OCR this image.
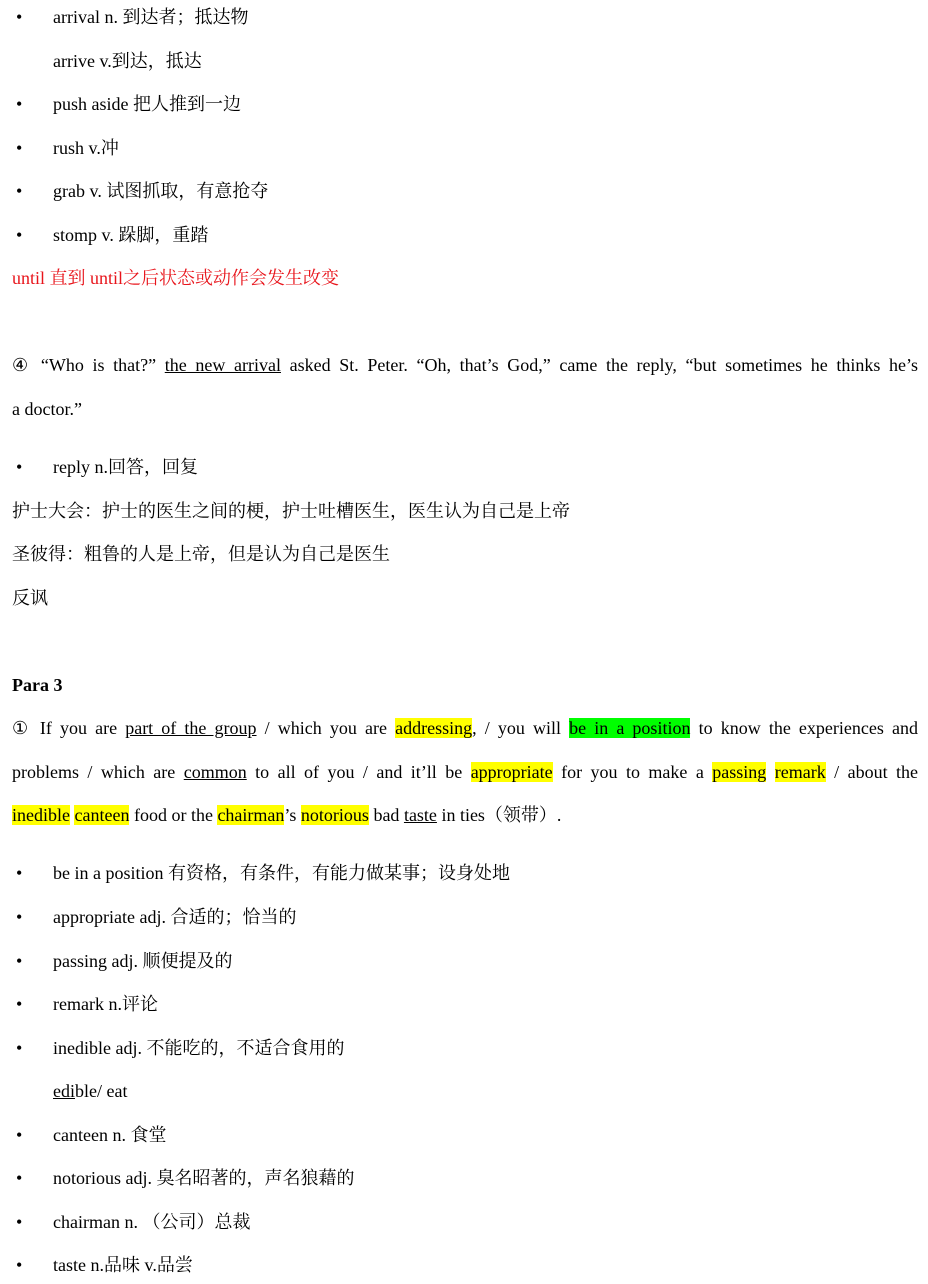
• arrival n. 到达者；抵达物
arrive v.到达，抵达
• push aside 把人推到一边
• rush v.冲
• grab v. 试图抓取，有意抢夺
• stomp v. 跺脚，重踏
until 直到 until之后状态或动作会发生改变
④ “Who is that?” the new arrival asked St. Peter. “Oh, that’s God,” came the reply, “but sometimes he thinks he’s
a doctor.”
• reply n.回答，回复
护士大会：护士的医生之间的梗，护士吐槽医生，医生认为自己是上帝
圣彼得：粗鲁的人是上帝，但是认为自己是医生
反讽
Para 3
① If you are part of the group / which you are addressing, / you will be in a position to know the experiences and
problems / which are common to all of you / and it’ll be appropriate for you to make a passing remark / about the
inedible canteen food or the chairman’s notorious bad taste in ties（领带）.
• be in a position 有资格，有条件，有能力做某事；设身处地
• appropriate adj. 合适的；恰当的
• passing adj. 顺便提及的
• remark n.评论
• inedible adj. 不能吃的，不适合食用的
edible/ eat
• canteen n. 食堂
• notorious adj. 臭名昭著的，声名狼藉的
• chairman n. （公司）总裁
• taste n.品味 v.品尝
